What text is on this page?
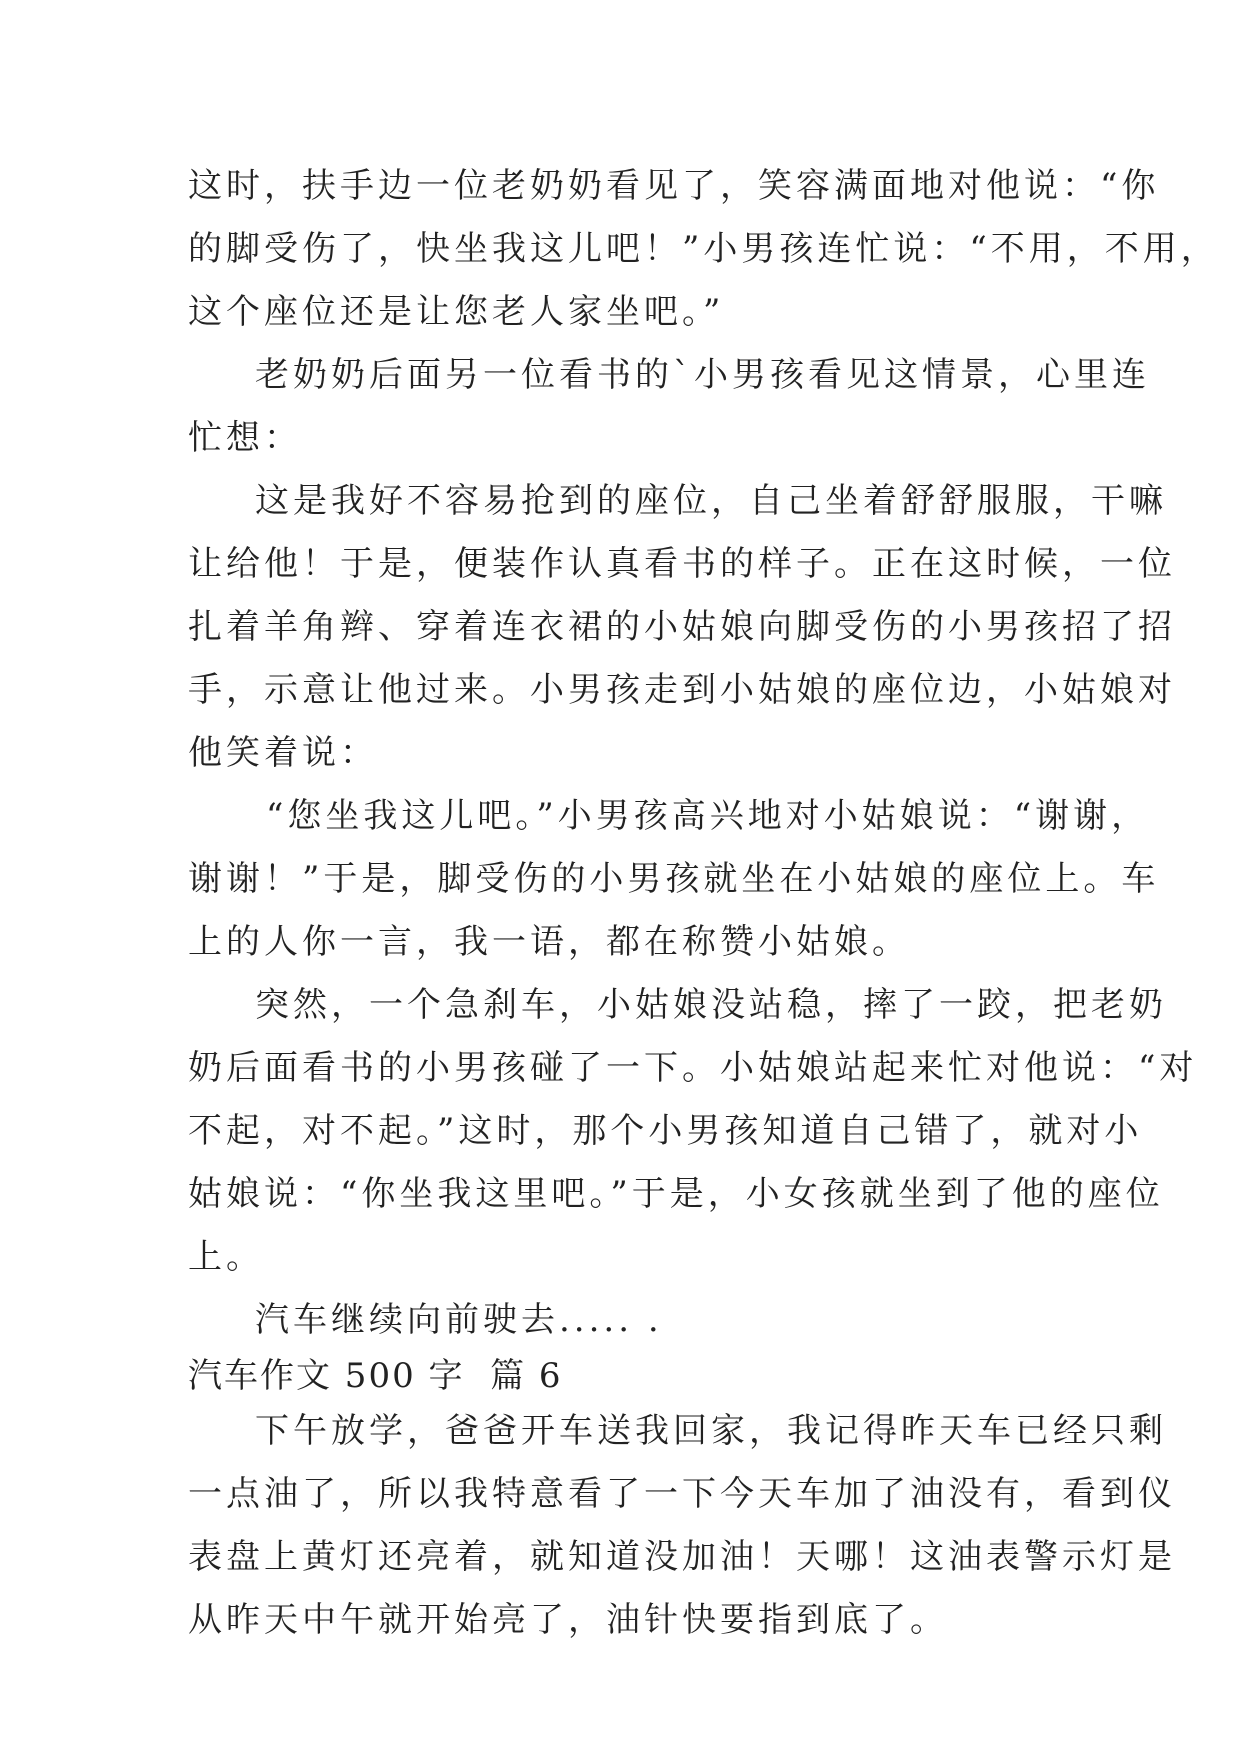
这时，扶手边一位老奶奶看见了，笑容满面地对他说：“你
的脚受伤了，快坐我这儿吧！”小男孩连忙说：“不用，不用，
这个座位还是让您老人家坐吧。”
老奶奶后面另一位看书的`小男孩看见这情景，心里连
忙想：
这是我好不容易抢到的座位，自己坐着舒舒服服，干嘛
让给他！于是，便装作认真看书的样子。正在这时候，一位
扎着羊角辫、穿着连衣裙的小姑娘向脚受伤的小男孩招了招
手，示意让他过来。小男孩走到小姑娘的座位边，小姑娘对
他笑着说：
“您坐我这儿吧。”小男孩高兴地对小姑娘说：“谢谢，
谢谢！”于是，脚受伤的小男孩就坐在小姑娘的座位上。车
上的人你一言，我一语，都在称赞小姑娘。
突然，一个急刹车，小姑娘没站稳，摔了一跤，把老奶
奶后面看书的小男孩碰了一下。小姑娘站起来忙对他说：“对
不起，对不起。”这时，那个小男孩知道自己错了，就对小
姑娘说：“你坐我这里吧。”于是，小女孩就坐到了他的座位
上。
汽车继续向前驶去..... .
汽车作文 500 字  篇 6
下午放学，爸爸开车送我回家，我记得昨天车已经只剩
一点油了，所以我特意看了一下今天车加了油没有，看到仪
表盘上黄灯还亮着，就知道没加油！天哪！这油表警示灯是
从昨天中午就开始亮了，油针快要指到底了。
